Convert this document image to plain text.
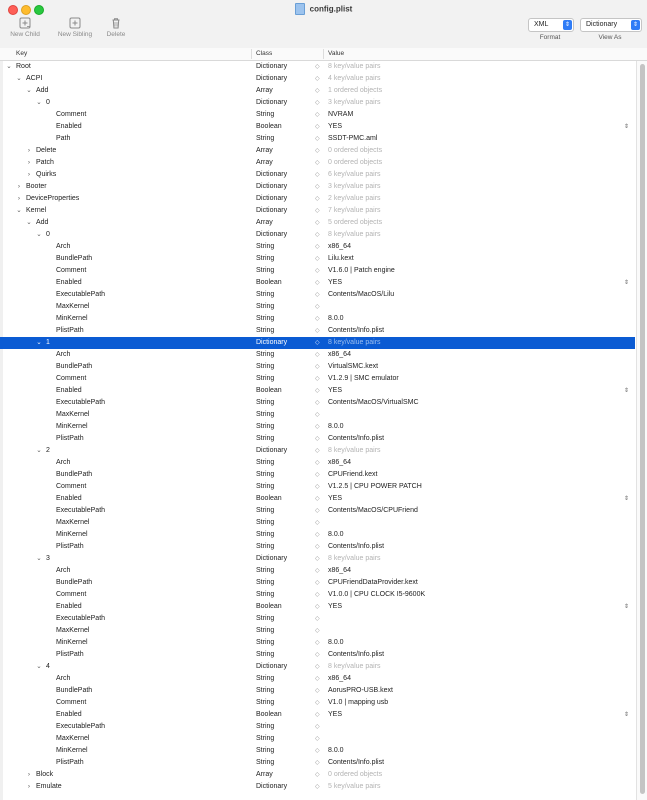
config.plist
New Child	New Sibling	Delete
XML	⇕ Dictionary	⇕
Format	View As
Key	Class	Value
⌄ Root	Dictionary	◇ 8 key/value pairs
⌄ ACPI	Dictionary	◇ 4 key/value pairs
⌄ Add	Array	◇ 1 ordered objects
⌄ 0	Dictionary	◇ 3 key/value pairs
Comment	String	◇ NVRAM
Enabled	Boolean	◇ YES	⇕
Path	String	◇ SSDT-PMC.aml
› Delete	Array	◇ 0 ordered objects
› Patch	Array	◇ 0 ordered objects
› Quirks	Dictionary	◇ 6 key/value pairs
› Booter	Dictionary	◇ 3 key/value pairs
› DeviceProperties	Dictionary	◇ 2 key/value pairs
⌄ Kernel	Dictionary	◇ 7 key/value pairs
⌄ Add	Array	◇ 5 ordered objects
⌄ 0	Dictionary	◇ 8 key/value pairs
Arch	String	◇ x86_64
BundlePath	String	◇ Lilu.kext
Comment	String	◇ V1.6.0 | Patch engine
Enabled	Boolean	◇ YES	⇕
ExecutablePath	String	◇ Contents/MacOS/Lilu
MaxKernel	String	◇
MinKernel	String	◇ 8.0.0
PlistPath	String	◇ Contents/Info.plist
⌄ 1	Dictionary	◇ 8 key/value pairs
Arch	String	◇ x86_64
BundlePath	String	◇ VirtualSMC.kext
Comment	String	◇ V1.2.9 | SMC emulator
Enabled	Boolean	◇ YES	⇕
ExecutablePath	String	◇ Contents/MacOS/VirtualSMC
MaxKernel	String	◇
MinKernel	String	◇ 8.0.0
PlistPath	String	◇ Contents/Info.plist
⌄ 2	Dictionary	◇ 8 key/value pairs
Arch	String	◇ x86_64
BundlePath	String	◇ CPUFriend.kext
Comment	String	◇ V1.2.5 | CPU POWER PATCH
Enabled	Boolean	◇ YES	⇕
ExecutablePath	String	◇ Contents/MacOS/CPUFriend
MaxKernel	String	◇
MinKernel	String	◇ 8.0.0
PlistPath	String	◇ Contents/Info.plist
⌄ 3	Dictionary	◇ 8 key/value pairs
Arch	String	◇ x86_64
BundlePath	String	◇ CPUFriendDataProvider.kext
Comment	String	◇ V1.0.0 | CPU CLOCK I5-9600K
Enabled	Boolean	◇ YES	⇕
ExecutablePath	String	◇
MaxKernel	String	◇
MinKernel	String	◇ 8.0.0
PlistPath	String	◇ Contents/Info.plist
⌄ 4	Dictionary	◇ 8 key/value pairs
Arch	String	◇ x86_64
BundlePath	String	◇ AorusPRO-USB.kext
Comment	String	◇ V1.0 | mapping usb
Enabled	Boolean	◇ YES	⇕
ExecutablePath	String	◇
MaxKernel	String	◇
MinKernel	String	◇ 8.0.0
PlistPath	String	◇ Contents/Info.plist
› Block	Array	◇ 0 ordered objects
› Emulate	Dictionary	◇ 5 key/value pairs
